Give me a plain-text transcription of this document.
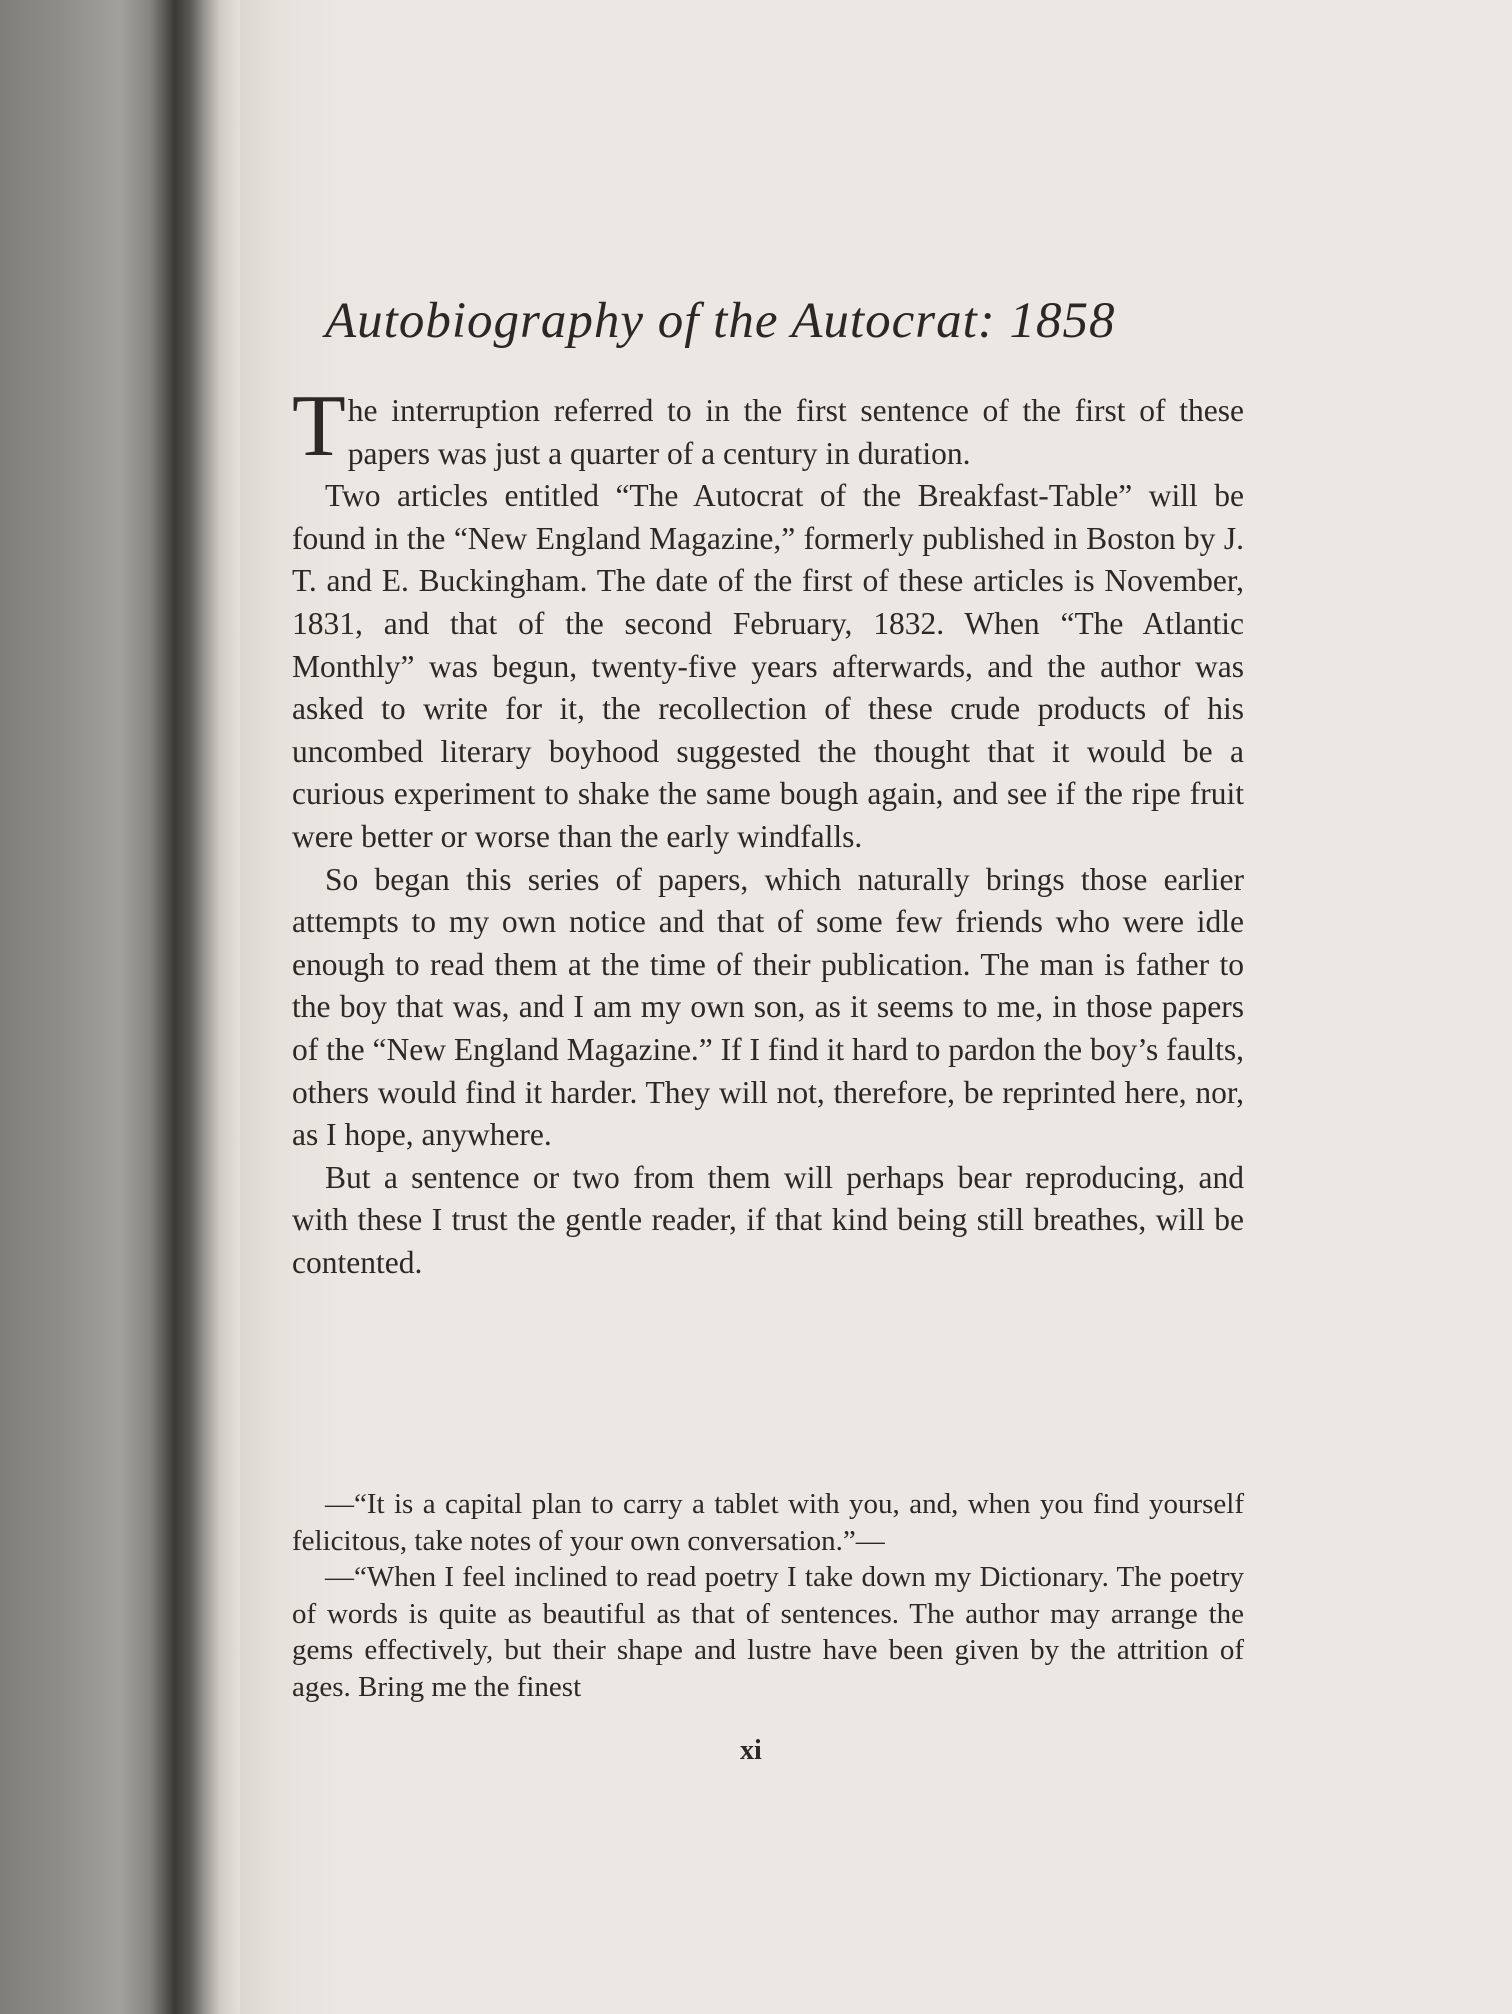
Autobiography of the Autocrat: 1858

The interruption referred to in the first sentence of the first of these papers was just a quarter of a century in duration.

Two articles entitled “The Autocrat of the Breakfast-Table” will be found in the “New England Magazine,” formerly published in Boston by J. T. and E. Buckingham. The date of the first of these articles is November, 1831, and that of the second February, 1832. When “The Atlantic Monthly” was begun, twenty-five years afterwards, and the author was asked to write for it, the recollection of these crude products of his uncombed literary boyhood suggested the thought that it would be a curious experiment to shake the same bough again, and see if the ripe fruit were better or worse than the early windfalls.

So began this series of papers, which naturally brings those earlier attempts to my own notice and that of some few friends who were idle enough to read them at the time of their publication. The man is father to the boy that was, and I am my own son, as it seems to me, in those papers of the “New England Magazine.” If I find it hard to pardon the boy’s faults, others would find it harder. They will not, therefore, be reprinted here, nor, as I hope, anywhere.

But a sentence or two from them will perhaps bear reproducing, and with these I trust the gentle reader, if that kind being still breathes, will be contented.

—“It is a capital plan to carry a tablet with you, and, when you find yourself felicitous, take notes of your own conversation.”—

—“When I feel inclined to read poetry I take down my Dictionary. The poetry of words is quite as beautiful as that of sentences. The author may arrange the gems effectively, but their shape and lustre have been given by the attrition of ages. Bring me the finest

xi
